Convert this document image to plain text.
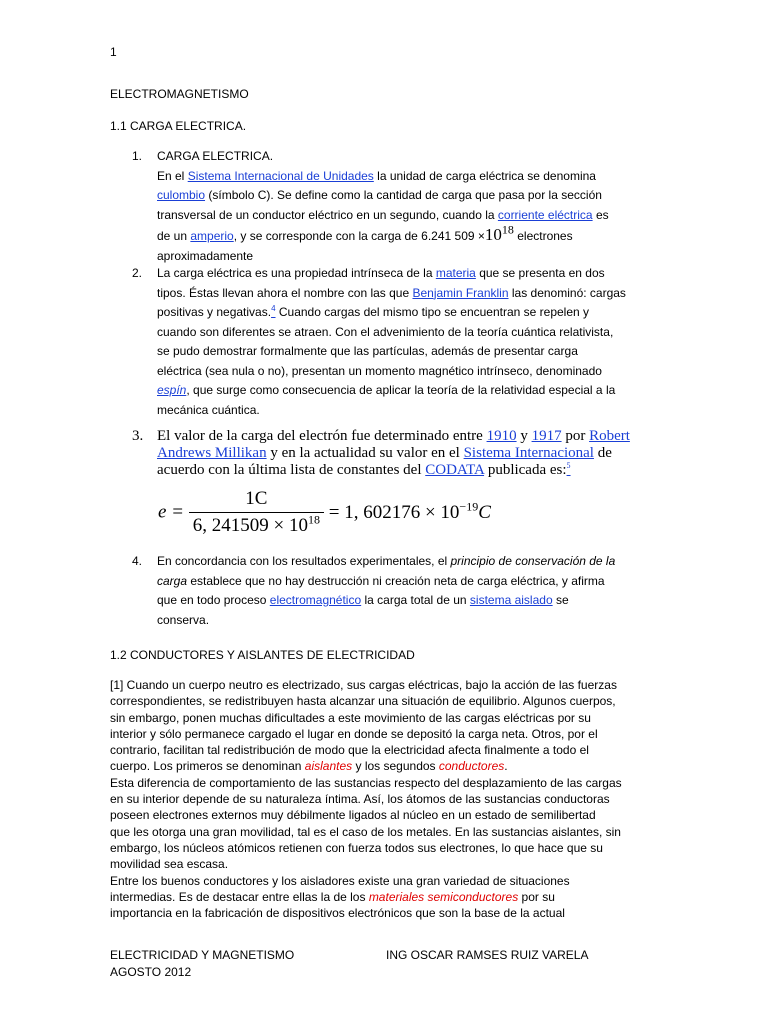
1
ELECTROMAGNETISMO
1.1 CARGA ELECTRICA.
1. CARGA ELECTRICA.
En el Sistema Internacional de Unidades la unidad de carga eléctrica se denomina
culombio (símbolo C). Se define como la cantidad de carga que pasa por la sección
transversal de un conductor eléctrico en un segundo, cuando la corriente eléctrica es
de un amperio, y se corresponde con la carga de 6.241 $509 \times 10^{18}$ electrones
aproximadamente
2. La carga eléctrica es una propiedad intrínseca de la materia que se presenta en dos
tipos. Éstas llevan ahora el nombre con las que Benjamin Franklin las denominó: cargas
positivas y negativas.$^4$ Cuando cargas del mismo tipo se encuentran se repelen y
cuando son diferentes se atraen. Con el advenimiento de la teoría cuántica relativista,
se pudo demostrar formalmente que las partículas, además de presentar carga
eléctrica (sea nula o no), presentan un momento magnético intrínseco, denominado
espín, que surge como consecuencia de aplicar la teoría de la relatividad especial a la
mecánica cuántica.
3. El valor de la carga del electrón fue determinado entre 1910 y 1917 por Robert
Andrews Millikan y en la actualidad su valor en el Sistema Internacional de
acuerdo con la última lista de constantes del CODATA publicada es:$^5$
$e = \frac{1C}{6, 241509 \times 10^{18}} = 1$, $602176 \times 10^{-19}C$
4. En concordancia con los resultados experimentales, el principio de conservación de la
carga establece que no hay destrucción ni creación neta de carga eléctrica, y afirma
que en todo proceso electromagnético la carga total de un sistema aislado se
conserva.
1.2 CONDUCTORES Y AISLANTES DE ELECTRICIDAD
[1] Cuando un cuerpo neutro es electrizado, sus cargas eléctricas, bajo la acción de las fuerzas
correspondientes, se redistribuyen hasta alcanzar una situación de equilibrio. Algunos cuerpos,
sin embargo, ponen muchas dificultades a este movimiento de las cargas eléctricas por su
interior y sólo permanece cargado el lugar en donde se depositó la carga neta. Otros, por el
contrario, facilitan tal redistribución de modo que la electricidad afecta finalmente a todo el
cuerpo. Los primeros se denominan aislantes y los segundos conductores.
Esta diferencia de comportamiento de las sustancias respecto del desplazamiento de las cargas
en su interior depende de su naturaleza íntima. Así, los átomos de las sustancias conductoras
poseen electrones externos muy débilmente ligados al núcleo en un estado de semilibertad
que les otorga una gran movilidad, tal es el caso de los metales. En las sustancias aislantes, sin
embargo, los núcleos atómicos retienen con fuerza todos sus electrones, lo que hace que su
movilidad sea escasa.
Entre los buenos conductores y los aisladores existe una gran variedad de situaciones
intermedias. Es de destacar entre ellas la de los materiales semiconductores por su
importancia en la fabricación de dispositivos electrónicos que son la base de la actual
ELECTRICIDAD Y MAGNETISMO
AGOSTO 2012
ING OSCAR RAMSES RUIZ VARELA
